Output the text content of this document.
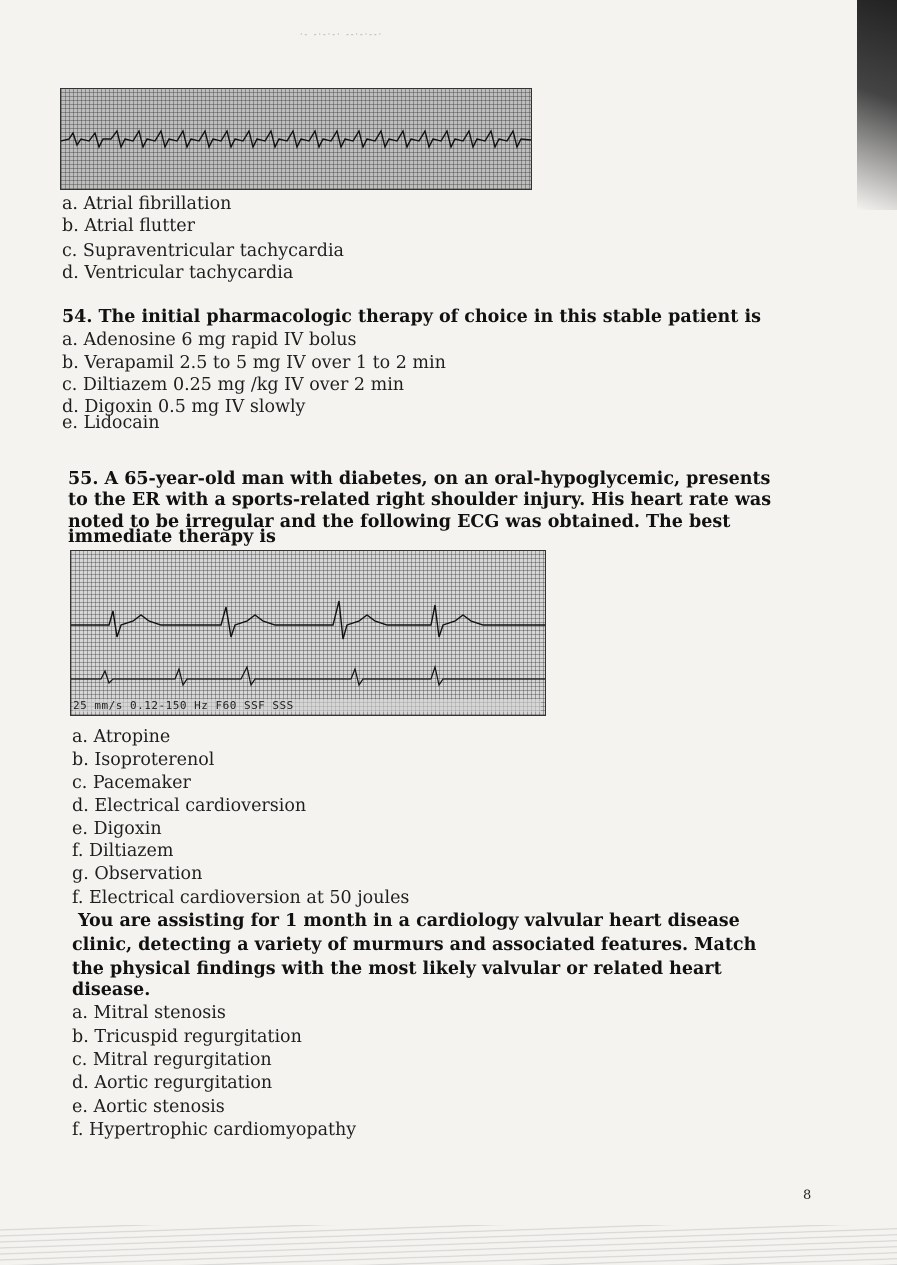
·- -·-·-· --·-·--·
a. Atrial fibrillation
b. Atrial flutter
c. Supraventricular tachycardia
d. Ventricular tachycardia
54. The initial pharmacologic therapy of choice in this stable patient is
a. Adenosine 6 mg rapid IV bolus
b. Verapamil 2.5 to 5 mg IV over 1 to 2 min
c. Diltiazem 0.25 mg /kg IV over 2 min
d. Digoxin 0.5 mg IV slowly
e. Lidocain
55. A 65-year-old man with diabetes, on an oral-hypoglycemic, presents
to the ER with a sports-related right shoulder injury. His heart rate was
noted to be irregular and the following ECG was obtained. The best
immediate therapy is
25 mm/s 0.12-150 Hz F60 SSF SSS
a. Atropine
b. Isoproterenol
c. Pacemaker
d. Electrical cardioversion
e. Digoxin
f. Diltiazem
g. Observation
f. Electrical cardioversion at 50 joules
You are assisting for 1 month in a cardiology valvular heart disease
clinic, detecting a variety of murmurs and associated features. Match
the physical findings with the most likely valvular or related heart
disease.
a. Mitral stenosis
b. Tricuspid regurgitation
c. Mitral regurgitation
d. Aortic regurgitation
e. Aortic stenosis
f. Hypertrophic cardiomyopathy
8
